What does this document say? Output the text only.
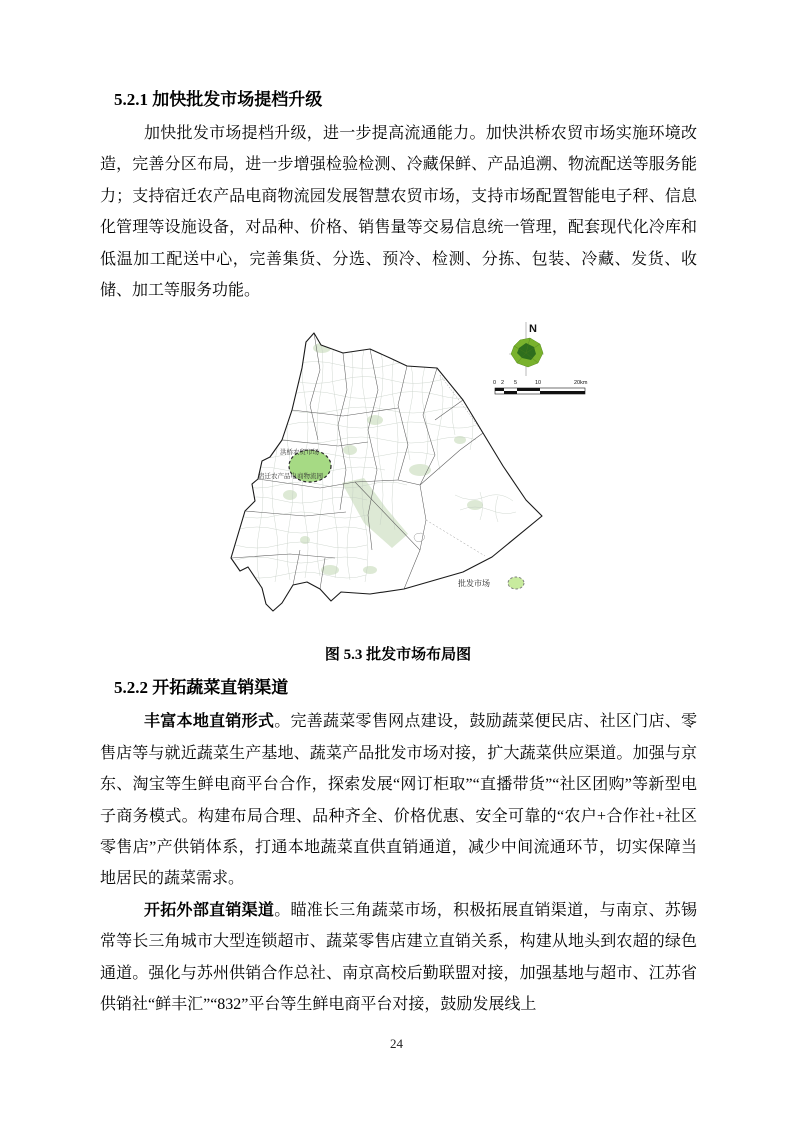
5.2.1 加快批发市场提档升级

加快批发市场提档升级，进一步提高流通能力。加快洪桥农贸市场实施环境改造，完善分区布局，进一步增强检验检测、冷藏保鲜、产品追溯、物流配送等服务能力；支持宿迁农产品电商物流园发展智慧农贸市场，支持市场配置智能电子秤、信息化管理等设施设备，对品种、价格、销售量等交易信息统一管理，配套现代化冷库和低温加工配送中心，完善集货、分选、预冷、检测、分拣、包装、冷藏、发货、收储、加工等服务功能。

洪桥农贸市场
宿迁农产品电商物流园
N
0 2 5	10	20km
批发市场
图 5.3 批发市场布局图
5.2.2 开拓蔬菜直销渠道

丰富本地直销形式。完善蔬菜零售网点建设，鼓励蔬菜便民店、社区门店、零售店等与就近蔬菜生产基地、蔬菜产品批发市场对接，扩大蔬菜供应渠道。加强与京东、淘宝等生鲜电商平台合作，探索发展“网订柜取”“直播带货”“社区团购”等新型电子商务模式。构建布局合理、品种齐全、价格优惠、安全可靠的“农户+合作社+社区零售店”产供销体系，打通本地蔬菜直供直销通道，减少中间流通环节，切实保障当地居民的蔬菜需求。

开拓外部直销渠道。瞄准长三角蔬菜市场，积极拓展直销渠道，与南京、苏锡常等长三角城市大型连锁超市、蔬菜零售店建立直销关系，构建从地头到农超的绿色通道。强化与苏州供销合作总社、南京高校后勤联盟对接，加强基地与超市、江苏省供销社“鲜丰汇”“832”平台等生鲜电商平台对接，鼓励发展线上

24
